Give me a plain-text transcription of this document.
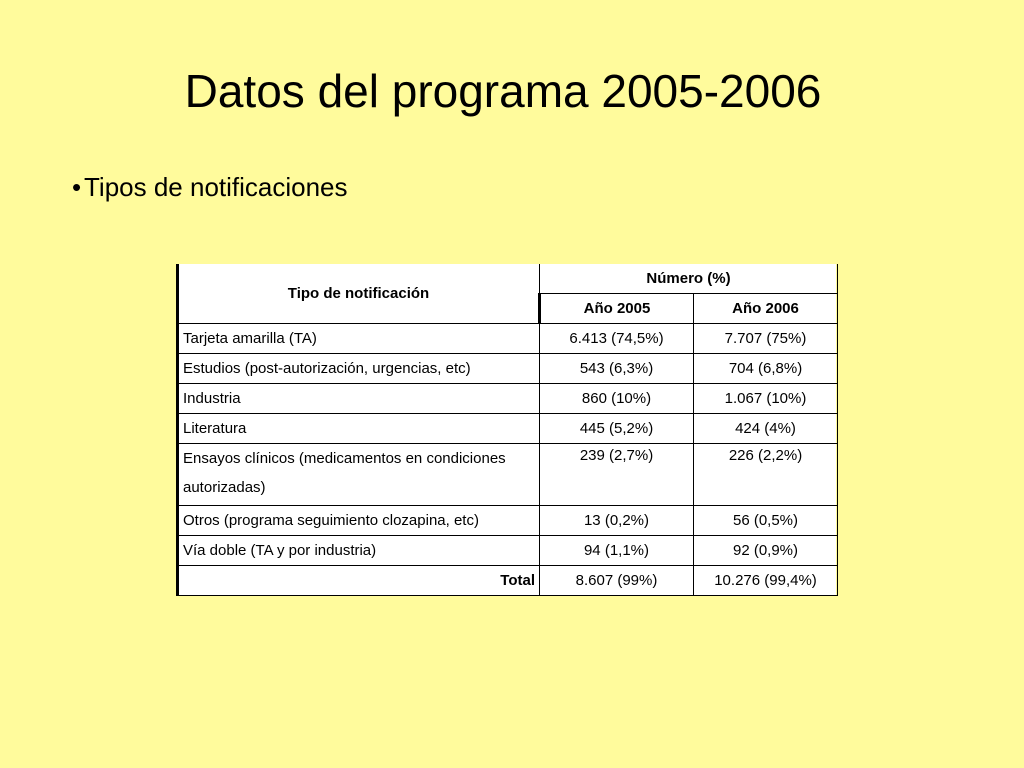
Datos del programa 2005-2006
• Tipos de notificaciones
Tipo de notificación	Número (%)	
	Año 2005	Año 2006
Tarjeta amarilla (TA)	6.413 (74,5%)	7.707 (75%)
Estudios (post-autorización, urgencias, etc)	543 (6,3%)	704 (6,8%)
Industria	860 (10%)	1.067 (10%)
Literatura	445 (5,2%)	424 (4%)
Ensayos clínicos (medicamentos en condiciones autorizadas)	239 (2,7%)	226 (2,2%)
Otros (programa seguimiento clozapina, etc)	13 (0,2%)	56 (0,5%)
Vía doble (TA y por industria)	94 (1,1%)	92 (0,9%)
Total	8.607 (99%)	10.276 (99,4%)
